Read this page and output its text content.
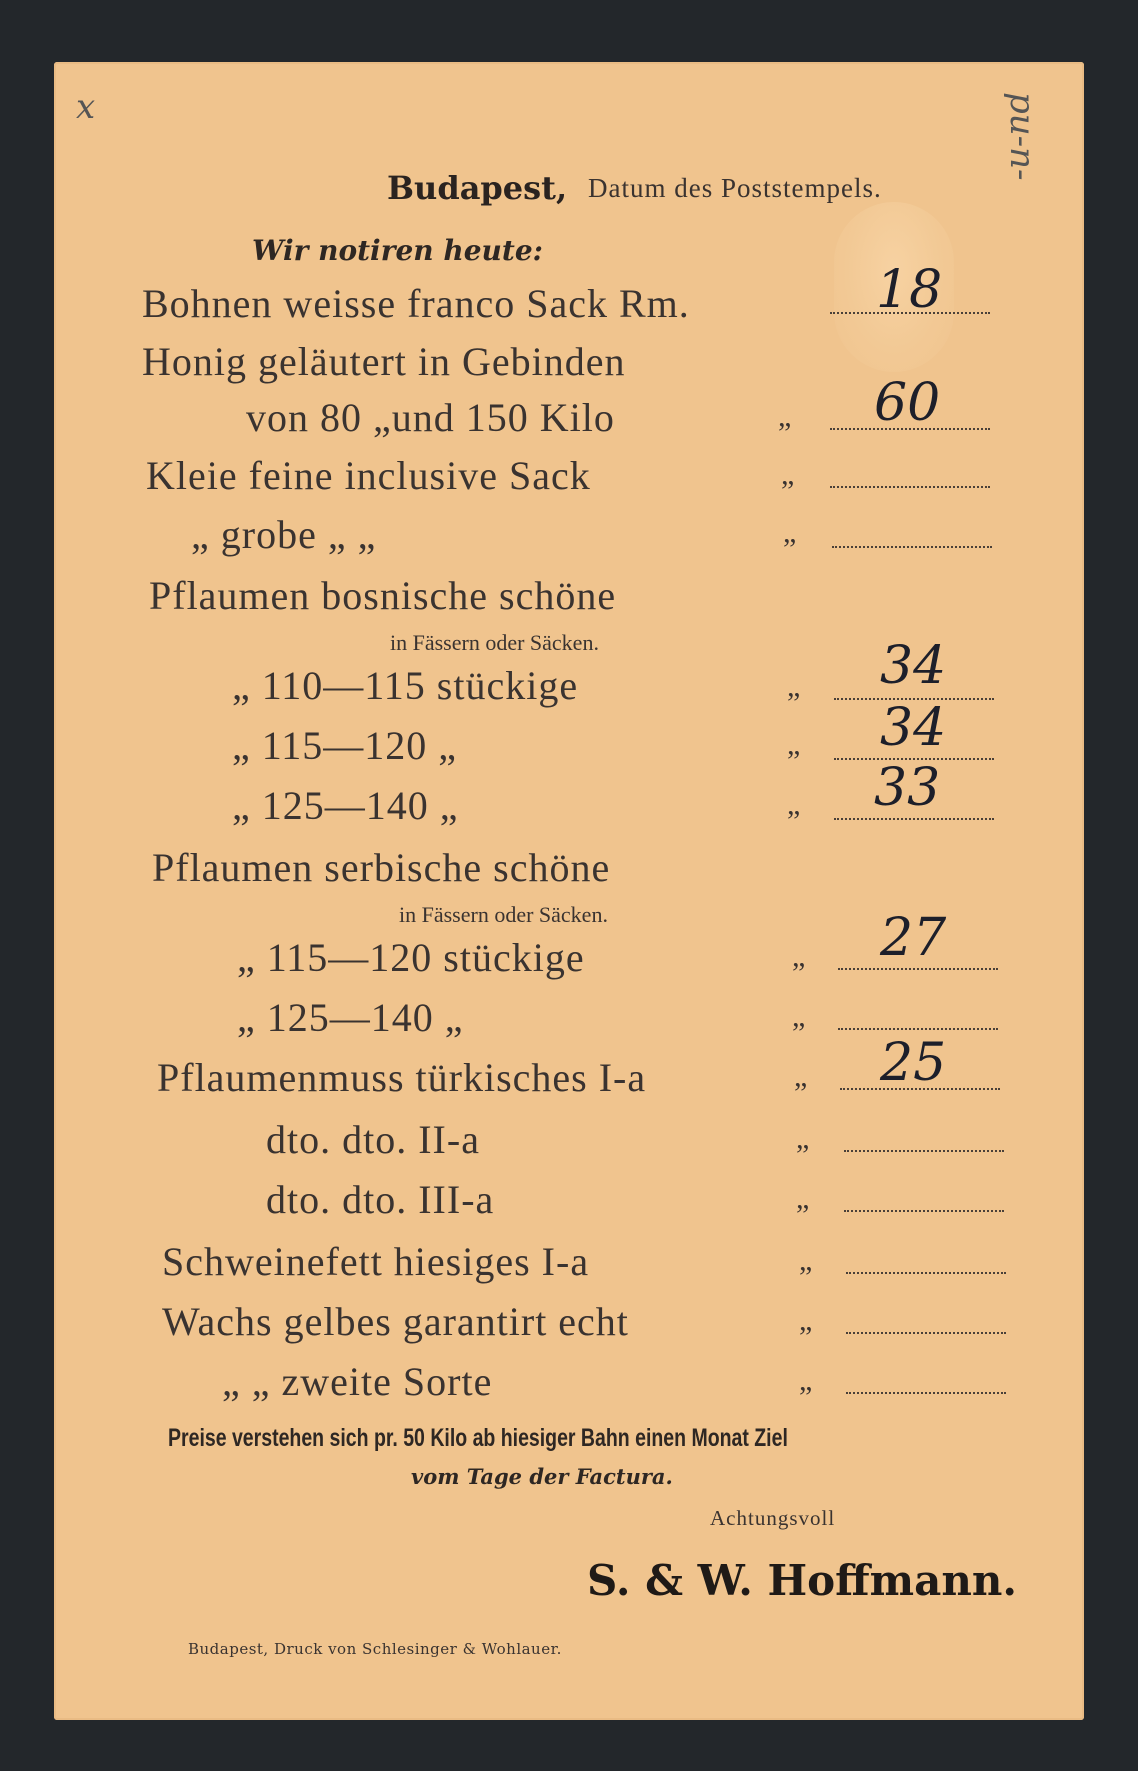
x	pu-n-
Budapest, Datum des Poststempels.
Wir notiren heute:
Bohnen weisse franco Sack Rm.	18
Honig geläutert in Gebinden
von 80 „und 150 Kilo	„ 60
Kleie feine inclusive Sack	„
„ grobe „ „	„
Pflaumen bosnische schöne
in Fässern oder Säcken.
„ 110—115 stückige	„ 34
„ 115—120 „	„ 34
„ 125—140 „	„ 33
Pflaumen serbische schöne
in Fässern oder Säcken.
„ 115—120 stückige	„ 27
„ 125—140 „	„
Pflaumenmuss türkisches I-a	„ 25
dto. dto. II-a	„
dto. dto. III-a	„
Schweinefett hiesiges I-a	„
Wachs gelbes garantirt echt	„
„ „ zweite Sorte	„
Preise verstehen sich pr. 50 Kilo ab hiesiger Bahn einen Monat Ziel
vom Tage der Factura.
Achtungsvoll
S. & W. Hoffmann.
Budapest, Druck von Schlesinger & Wohlauer.
